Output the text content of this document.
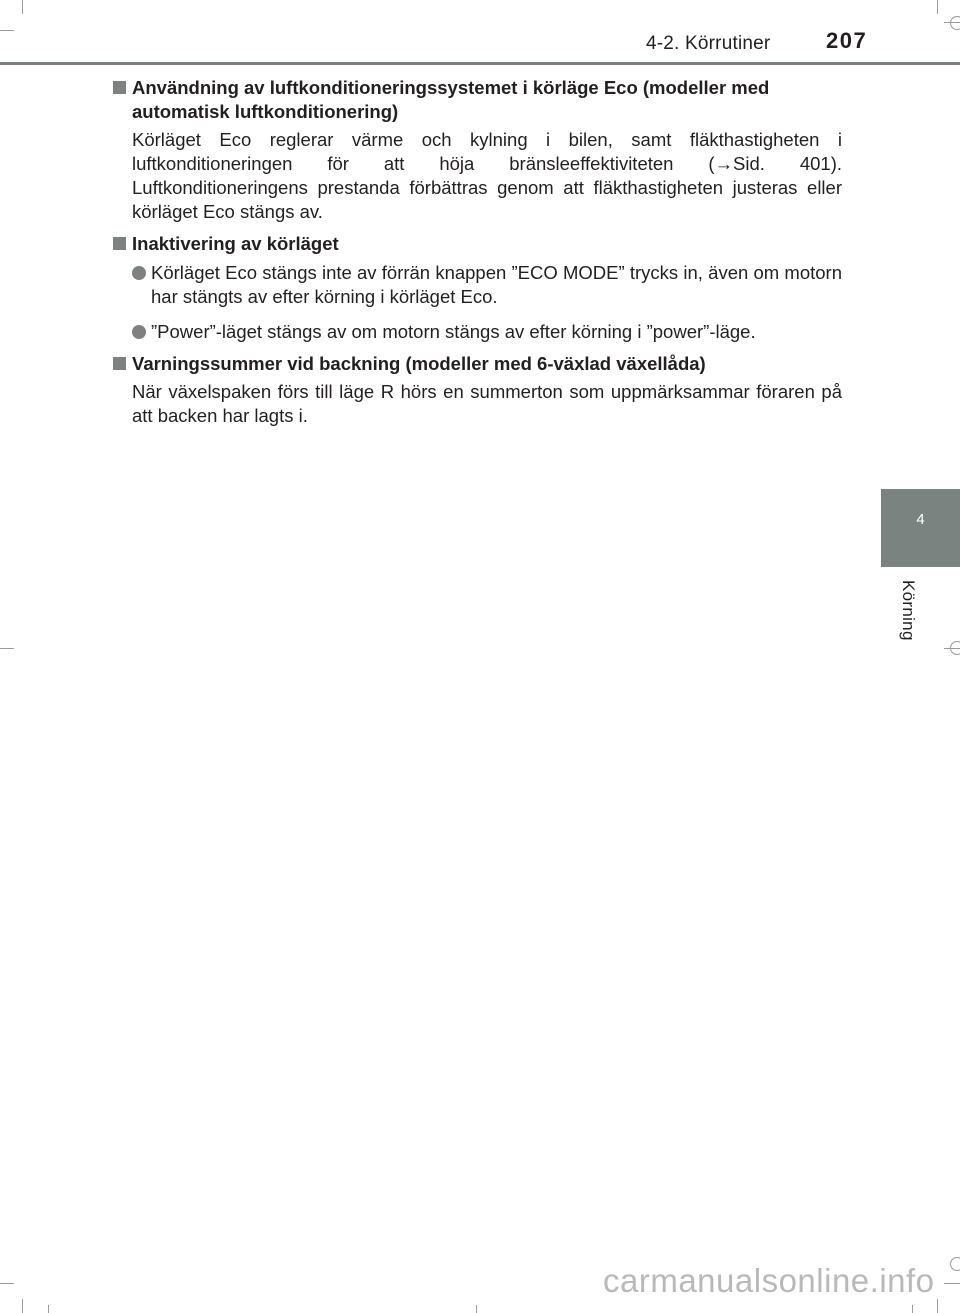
4-2. Körrutiner	207
4
Körning
Användning av luftkonditioneringssystemet i körläge Eco (modeller med automatisk luftkonditionering)
Körläget Eco reglerar värme och kylning i bilen, samt fläkthastigheten i luftkonditioneringen för att höja bränsleeffektiviteten (→Sid. 401). Luftkonditioneringens prestanda förbättras genom att fläkthastigheten justeras eller körläget Eco stängs av.
Inaktivering av körläget
Körläget Eco stängs inte av förrän knappen ”ECO MODE” trycks in, även om motorn har stängts av efter körning i körläget Eco.
”Power”-läget stängs av om motorn stängs av efter körning i ”power”-läge.
Varningssummer vid backning (modeller med 6-växlad växellåda)
När växelspaken förs till läge R hörs en summerton som uppmärksammar föraren på att backen har lagts i.
carmanualsonline.info
